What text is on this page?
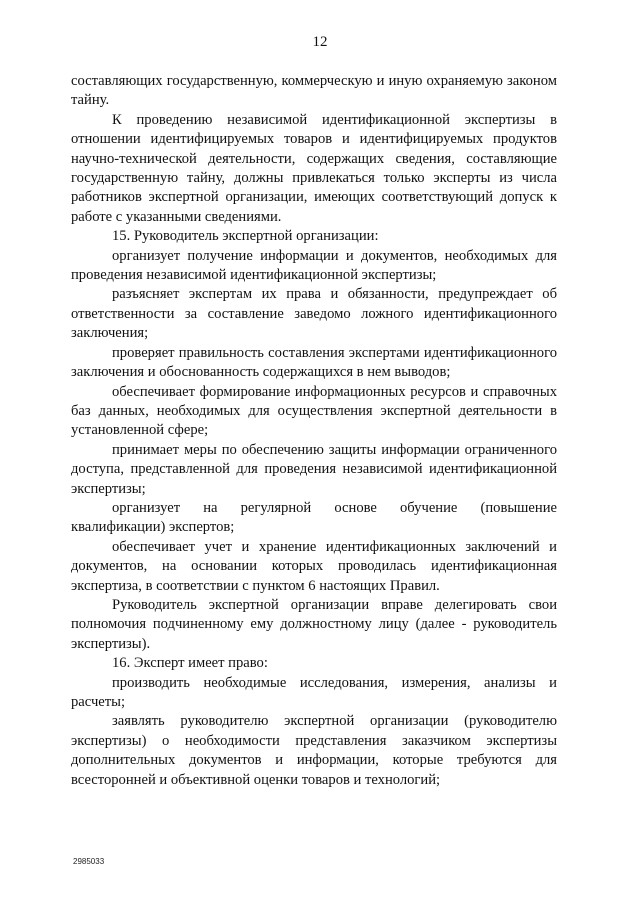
12

составляющих государственную, коммерческую и иную охраняемую законом тайну.

К проведению независимой идентификационной экспертизы в отношении идентифицируемых товаров и идентифицируемых продуктов научно-технической деятельности, содержащих сведения, составляющие государственную тайну, должны привлекаться только эксперты из числа работников экспертной организации, имеющих соответствующий допуск к работе с указанными сведениями.

15. Руководитель экспертной организации:

организует получение информации и документов, необходимых для проведения независимой идентификационной экспертизы;

разъясняет экспертам их права и обязанности, предупреждает об ответственности за составление заведомо ложного идентификационного заключения;

проверяет правильность составления экспертами идентификационного заключения и обоснованность содержащихся в нем выводов;

обеспечивает формирование информационных ресурсов и справочных баз данных, необходимых для осуществления экспертной деятельности в установленной сфере;

принимает меры по обеспечению защиты информации ограниченного доступа, представленной для проведения независимой идентификационной экспертизы;

организует на регулярной основе обучение (повышение квалификации) экспертов;

обеспечивает учет и хранение идентификационных заключений и документов, на основании которых проводилась идентификационная экспертиза, в соответствии с пунктом 6 настоящих Правил.

Руководитель экспертной организации вправе делегировать свои полномочия подчиненному ему должностному лицу (далее - руководитель экспертизы).

16. Эксперт имеет право:

производить необходимые исследования, измерения, анализы и расчеты;

заявлять руководителю экспертной организации (руководителю экспертизы) о необходимости представления заказчиком экспертизы дополнительных документов и информации, которые требуются для всесторонней и объективной оценки товаров и технологий;

2985033
